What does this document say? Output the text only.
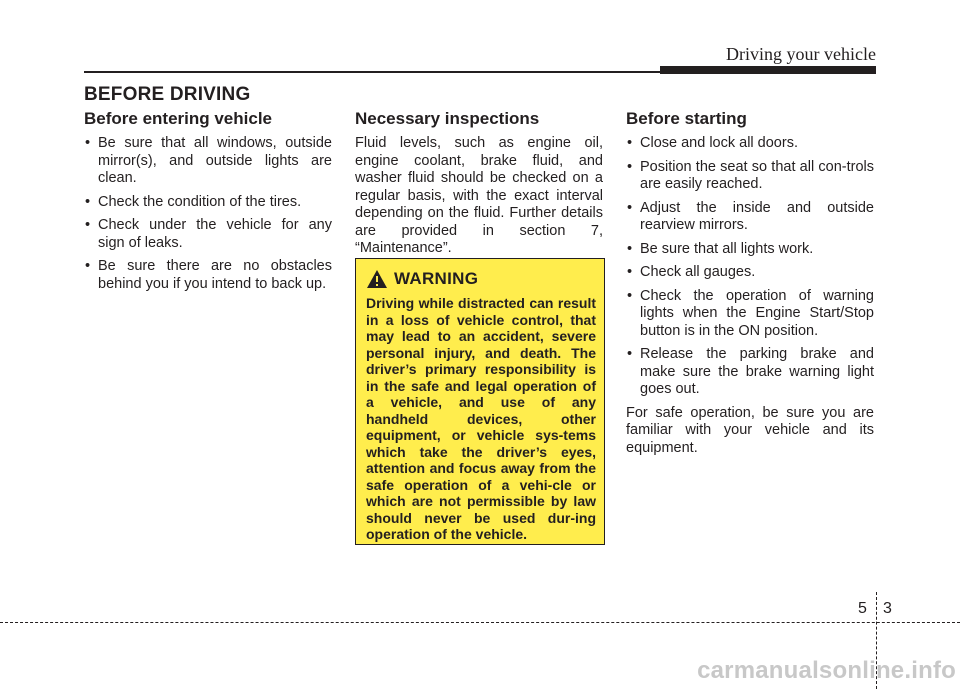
Driving your vehicle
BEFORE DRIVING
Before entering vehicle
• Be sure that all windows, outside mirror(s), and outside lights are clean.
• Check the condition of the tires.
• Check under the vehicle for any sign of leaks.
• Be sure there are no obstacles behind you if you intend to back up.
Necessary inspections

Fluid levels, such as engine oil, engine coolant, brake fluid, and washer fluid should be checked on a regular basis, with the exact interval depending on the fluid. Further details are provided in section 7, “Maintenance”.

WARNING

Driving while distracted can result in a loss of vehicle control, that may lead to an accident, severe personal injury, and death. The driver’s primary responsibility is in the safe and legal operation of a vehicle, and use of any handheld devices, other equipment, or vehicle sys-tems which take the driver’s eyes, attention and focus away from the safe operation of a vehi-cle or which are not permissible by law should never be used dur-ing operation of the vehicle.

Before starting
• Close and lock all doors.
• Position the seat so that all con-trols are easily reached.
• Adjust the inside and outside rearview mirrors.
• Be sure that all lights work.
• Check all gauges.
• Check the operation of warning lights when the Engine Start/Stop button is in the ON position.
• Release the parking brake and make sure the brake warning light goes out.

For safe operation, be sure you are familiar with your vehicle and its equipment.

5 3
carmanualsonline.info
